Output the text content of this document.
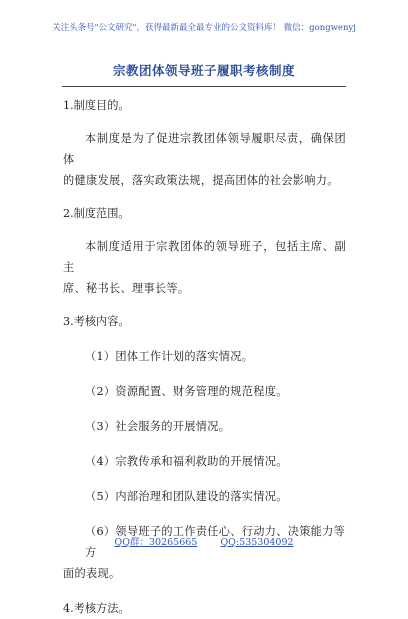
关注头条号"公文研究"，获得最新最全最专业的公文资料库！ 微信：gongwenyj
宗教团体领导班子履职考核制度

1.制度目的。

本制度是为了促进宗教团体领导履职尽责，确保团体

的健康发展，落实政策法规，提高团体的社会影响力。

2.制度范围。

本制度适用于宗教团体的领导班子，包括主席、副主

席、秘书长、理事长等。

3.考核内容。

（1）团体工作计划的落实情况。

（2）资源配置、财务管理的规范程度。

（3）社会服务的开展情况。

（4）宗教传承和福利救助的开展情况。

（5）内部治理和团队建设的落实情况。

（6）领导班子的工作责任心、行动力、决策能力等方

面的表现。

4.考核方法。

QQ群：30265665 QQ:535304092
